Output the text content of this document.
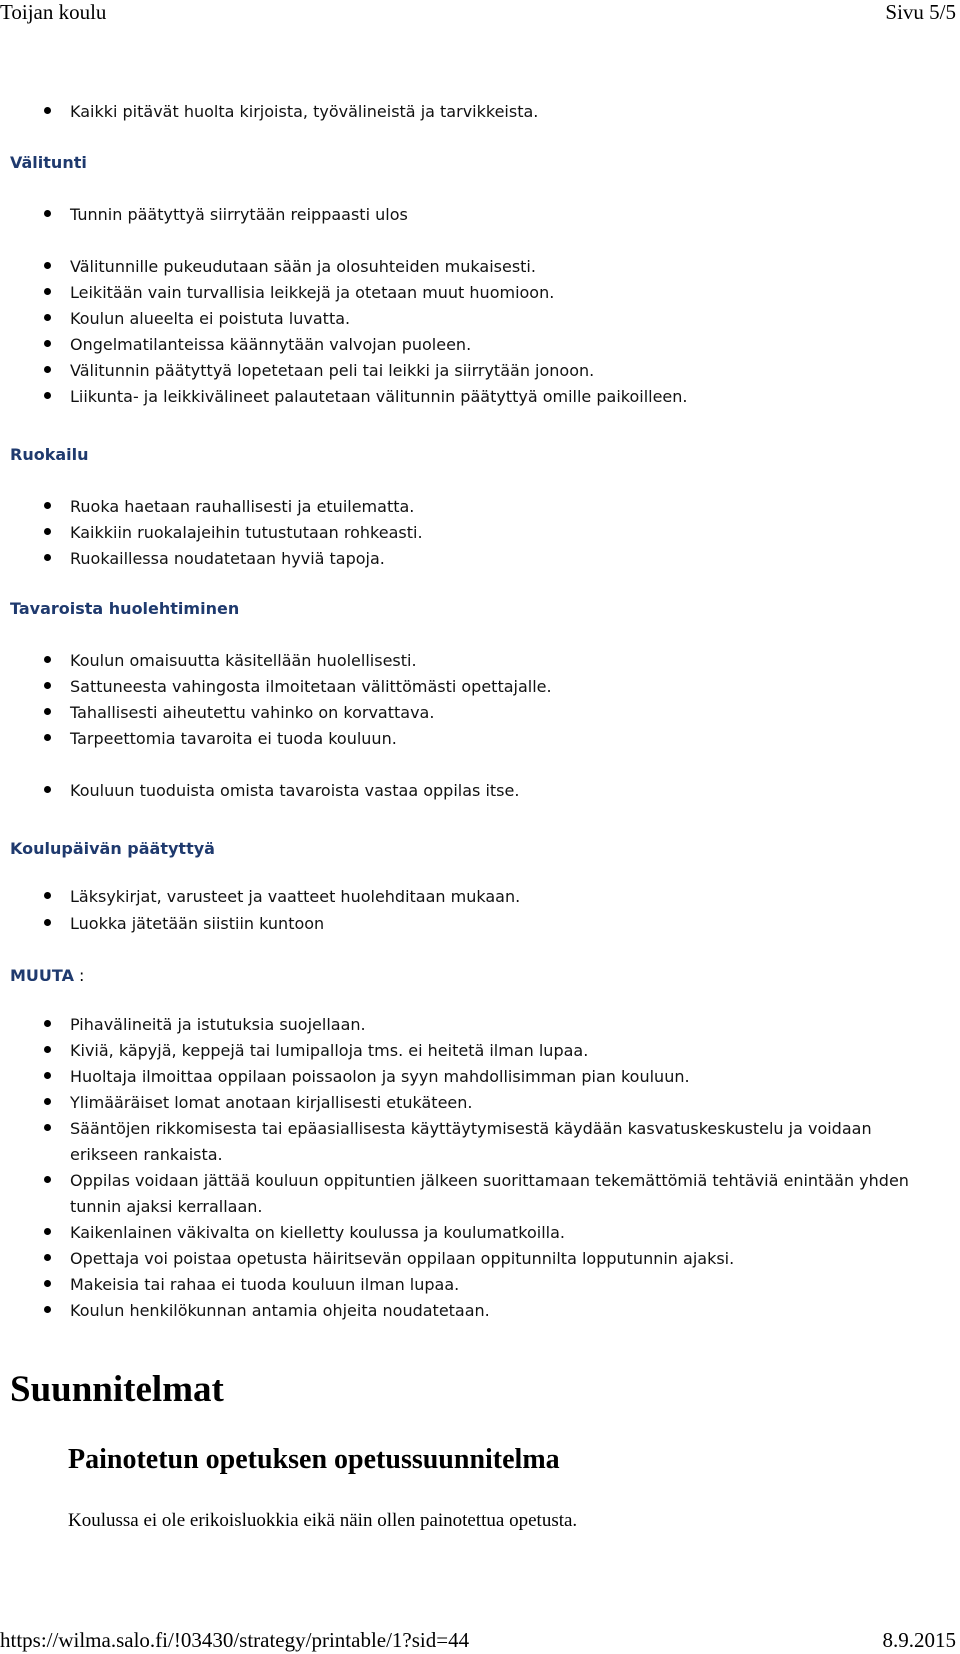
Toijan koulu	Sivu 5/5
Kaikki pitävät huolta kirjoista, työvälineistä ja tarvikkeista.
Välitunti
Tunnin päätyttyä siirrytään reippaasti ulos
Välitunnille pukeudutaan sään ja olosuhteiden mukaisesti.
Leikitään vain turvallisia leikkejä ja otetaan muut huomioon.
Koulun alueelta ei poistuta luvatta.
Ongelmatilanteissa käännytään valvojan puoleen.
Välitunnin päätyttyä lopetetaan peli tai leikki ja siirrytään jonoon.
Liikunta- ja leikkivälineet palautetaan välitunnin päätyttyä omille paikoilleen.
Ruokailu
Ruoka haetaan rauhallisesti ja etuilematta.
Kaikkiin ruokalajeihin tutustutaan rohkeasti.
Ruokaillessa noudatetaan hyviä tapoja.
Tavaroista huolehtiminen
Koulun omaisuutta käsitellään huolellisesti.
Sattuneesta vahingosta ilmoitetaan välittömästi opettajalle.
Tahallisesti aiheutettu vahinko on korvattava.
Tarpeettomia tavaroita ei tuoda kouluun.
Kouluun tuoduista omista tavaroista vastaa oppilas itse.
Koulupäivän päätyttyä
Läksykirjat, varusteet ja vaatteet huolehditaan mukaan.
Luokka jätetään siistiin kuntoon
MUUTA :
Pihavälineitä ja istutuksia suojellaan.
Kiviä, käpyjä, keppejä tai lumipalloja tms. ei heitetä ilman lupaa.
Huoltaja ilmoittaa oppilaan poissaolon ja syyn mahdollisimman pian kouluun.
Ylimääräiset lomat anotaan kirjallisesti etukäteen.
Sääntöjen rikkomisesta tai epäasiallisesta käyttäytymisestä käydään kasvatuskeskustelu ja voidaan erikseen rankaista.
Oppilas voidaan jättää kouluun oppituntien jälkeen suorittamaan tekemättömiä tehtäviä enintään yhden tunnin ajaksi kerrallaan.
Kaikenlainen väkivalta on kielletty koulussa ja koulumatkoilla.
Opettaja voi poistaa opetusta häiritsevän oppilaan oppitunnilta lopputunnin ajaksi.
Makeisia tai rahaa ei tuoda kouluun ilman lupaa.
Koulun henkilökunnan antamia ohjeita noudatetaan.
Suunnitelmat
Painotetun opetuksen opetussuunnitelma
Koulussa ei ole erikoisluokkia eikä näin ollen painotettua opetusta.
https://wilma.salo.fi/!03430/strategy/printable/1?sid=44	8.9.2015
